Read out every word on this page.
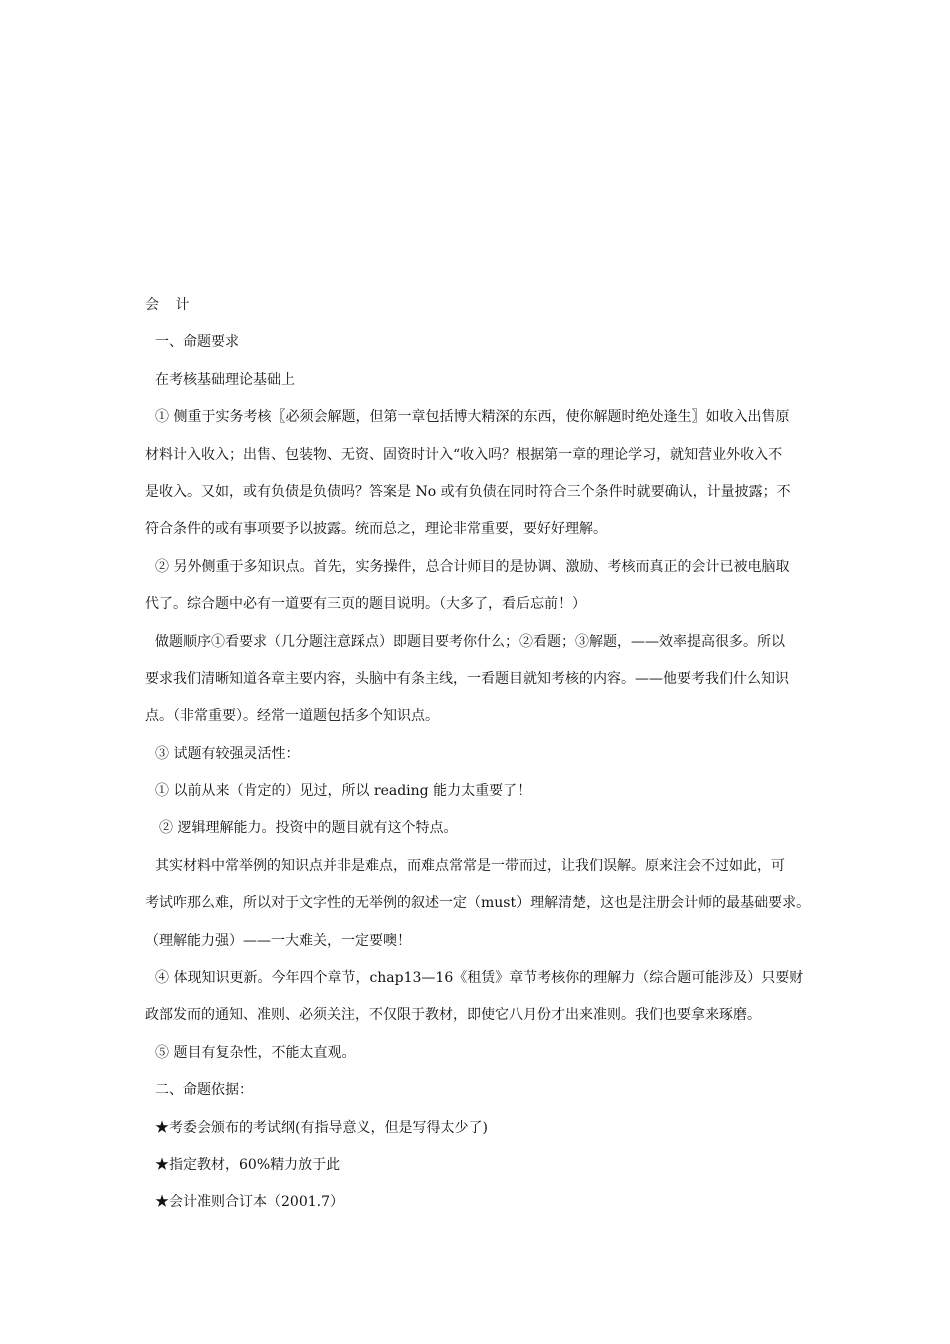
会 计
一、命题要求
在考核基础理论基础上
① 侧重于实务考核〖必须会解题，但第一章包括博大精深的东西，使你解题时绝处逢生〗如收入出售原
材料计入收入；出售、包装物、无资、固资时计入“收入吗？根据第一章的理论学习，就知营业外收入不
是收入。又如，或有负债是负债吗？答案是 No 或有负债在同时符合三个条件时就要确认，计量披露；不
符合条件的或有事项要予以披露。统而总之，理论非常重要，要好好理解。
② 另外侧重于多知识点。首先，实务操件，总合计师目的是协调、激励、考核而真正的会计已被电脑取
代了。综合题中必有一道要有三页的题目说明。（大多了，看后忘前！）
做题顺序①看要求（几分题注意踩点）即题目要考你什么；②看题；③解题，——效率提高很多。所以
要求我们清晰知道各章主要内容，头脑中有条主线，一看题目就知考核的内容。——他要考我们什么知识
点。（非常重要）。经常一道题包括多个知识点。
③ 试题有较强灵活性：
① 以前从来（肯定的）见过，所以 reading 能力太重要了！
② 逻辑理解能力。投资中的题目就有这个特点。
其实材料中常举例的知识点并非是难点，而难点常常是一带而过，让我们误解。原来注会不过如此，可
考试咋那么难，所以对于文字性的无举例的叙述一定（must）理解清楚，这也是注册会计师的最基础要求。
（理解能力强）——一大难关，一定要噢！
④ 体现知识更新。今年四个章节，chap13—16《租赁》章节考核你的理解力（综合题可能涉及）只要财
政部发而的通知、准则、必须关注，不仅限于教材，即使它八月份才出来准则。我们也要拿来琢磨。
⑤ 题目有复杂性，不能太直观。
二、命题依据：
★考委会颁布的考试纲(有指导意义，但是写得太少了)
★指定教材，60%精力放于此
★会计准则合订本（2001.7）
